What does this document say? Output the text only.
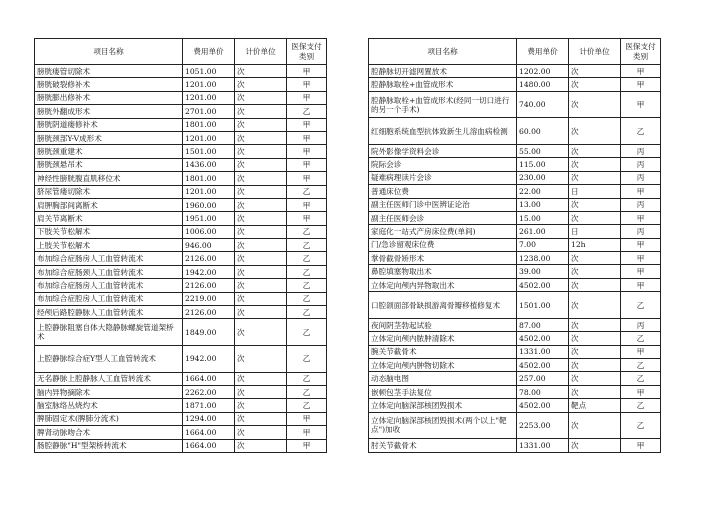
项目名称	费用单价	计价单位	医保支付类别
膀胱瘘管切除术	1051.00	次	甲
膀胱破裂修补术	1201.00	次	甲
膀胱膨出修补术	1201.00	次	甲
膀胱外翻成形术	2701.00	次	乙
膀胱阴道瘘修补术	1801.00	次	甲
膀胱颈部Y-V成形术	1201.00	次	甲
膀胱颈重建术	1501.00	次	甲
膀胱颈悬吊术	1436.00	次	甲
神经性膀胱腹直肌移位术	1801.00	次	甲
脐尿管瘘切除术	1201.00	次	乙
肩胛胸部间离断术	1960.00	次	甲
肩关节离断术	1951.00	次	甲
下肢关节松解术	1006.00	次	乙
上肢关节松解术	946.00	次	乙
布加综合症肠房人工血管转流术	2126.00	次	乙
布加综合症肠颈人工血管转流术	1942.00	次	乙
布加综合症肠房人工血管转流术	2126.00	次	乙
布加综合症腔房人工血管转流术	2219.00	次	乙
经颅后路腔静脉人工血管转流术	2126.00	次	乙
上腔静脉阻塞自体大隐静脉螺旋管道架桥术	1849.00	次	乙
上腔静脉综合症Y型人工血管转流术	1942.00	次	乙
无名静脉上腔静脉人工血管转流术	1664.00	次	乙
脑内异物摘除术	2262.00	次	乙
脑室脉络丛烧灼术	1871.00	次	乙
脾肺固定术(脾肺分流术)	1294.00	次	甲
脾肾动脉吻合术	1664.00	次	甲
肠腔静脉"H"型架桥转流术	1664.00	次	甲
项目名称	费用单价	计价单位	医保支付类别
腔静脉切开滤网置放术	1202.00	次	甲
腔静脉取栓+血管成形术	1480.00	次	甲
腔静脉取栓+血管成形术(经同一切口进行的另一个手术)	740.00	次	甲
红细胞系统血型抗体致新生儿溶血病检测	60.00	次	乙
院外影像学资料会诊	55.00	次	丙
院际会诊	115.00	次	丙
疑难病理读片会诊	230.00	次	丙
普通床位费	22.00	日	甲
副主任医师门诊中医辨证论治	13.00	次	丙
副主任医师会诊	15.00	次	甲
家庭化一站式产房床位费(单间)	261.00	日	丙
门/急诊留观床位费	7.00	12h	甲
掌骨截骨矫形术	1238.00	次	甲
鼻腔填塞物取出术	39.00	次	甲
立体定向颅内异物取出术	4502.00	次	甲
口腔颌面部骨缺损游离骨瓣移植修复术	1501.00	次	乙
夜间阴茎勃起试验	87.00	次	丙
立体定向颅内脓肿清除术	4502.00	次	乙
腕关节截骨术	1331.00	次	甲
立体定向颅内肿物切除术	4502.00	次	乙
动态脑电图	257.00	次	乙
嵌顿包茎手法复位	78.00	次	甲
立体定向脑深部核团毁损术	4502.00	靶点	乙
立体定向脑深部核团毁损术(两个以上"靶点")加收	2253.00	次	乙
肘关节截骨术	1331.00	次	甲
